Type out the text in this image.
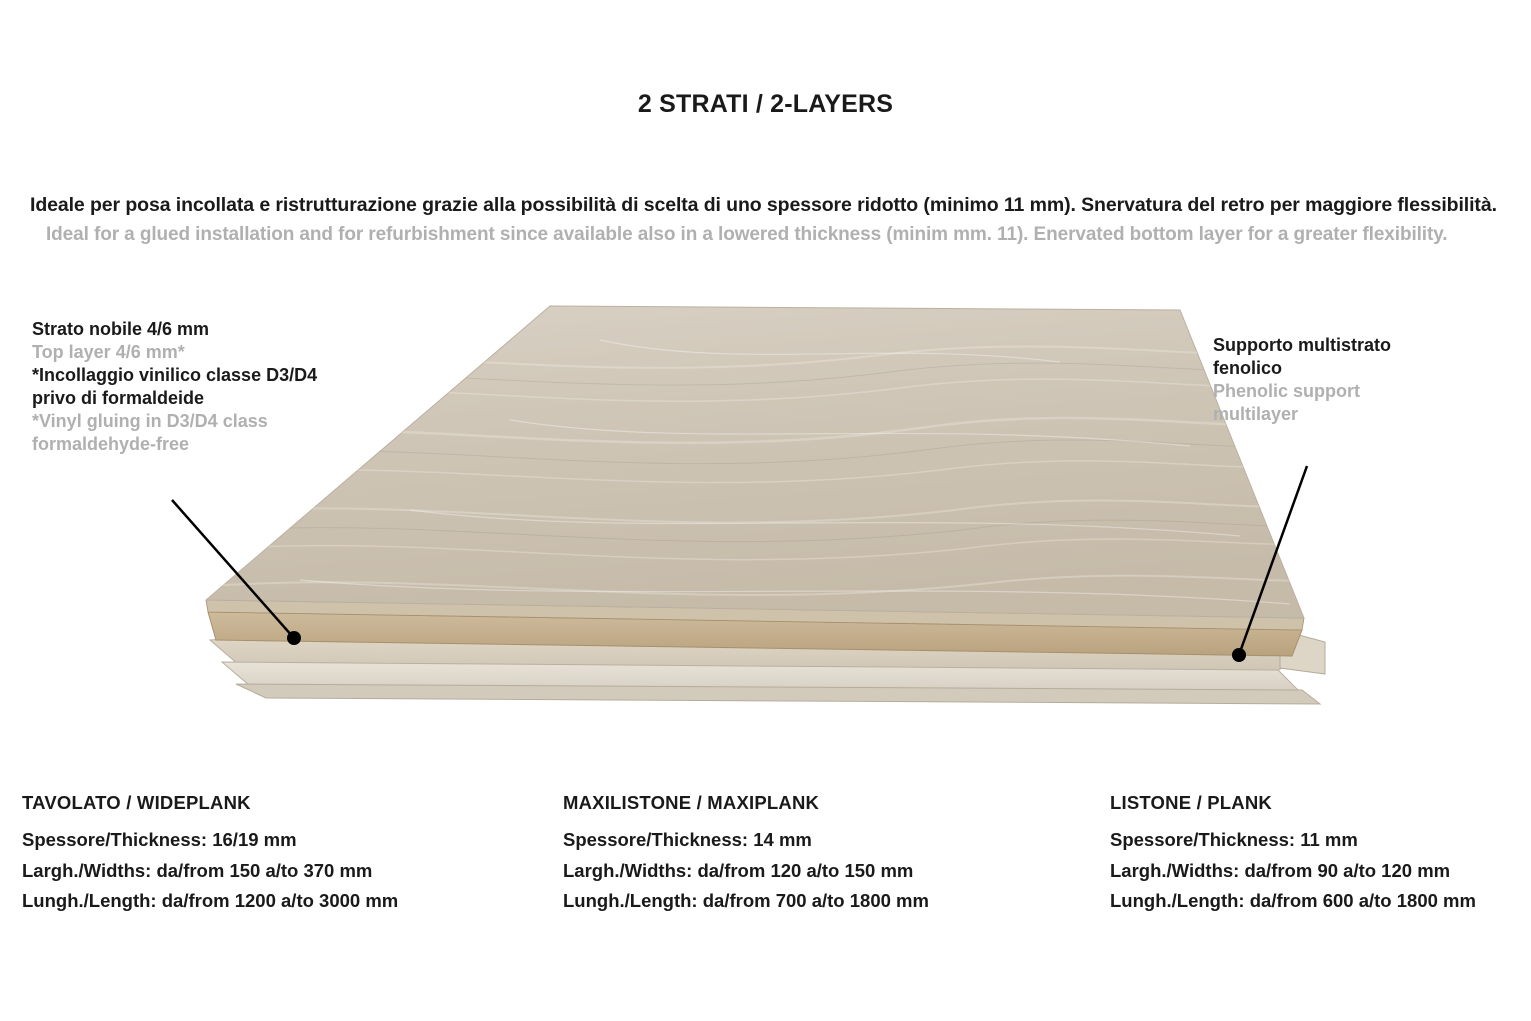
2 STRATI / 2-LAYERS
Ideale per posa incollata e ristrutturazione grazie alla possibilità di scelta di uno spessore ridotto (minimo 11 mm). Snervatura del retro per maggiore flessibilità.
Ideal for a glued installation and for refurbishment since available also in a lowered thickness (minim mm. 11). Enervated bottom layer for a greater flexibility.
Strato nobile 4/6 mm
Top layer 4/6 mm*
*Incollaggio vinilico classe D3/D4
privo di formaldeide
*Vinyl gluing in D3/D4 class
formaldehyde-free
Supporto multistrato
fenolico
Phenolic support
multilayer
TAVOLATO / WIDEPLANK
Spessore/Thickness: 16/19 mm
Largh./Widths: da/from 150 a/to 370 mm
Lungh./Length: da/from 1200 a/to 3000 mm
MAXILISTONE / MAXIPLANK
Spessore/Thickness: 14 mm
Largh./Widths: da/from 120 a/to 150 mm
Lungh./Length: da/from 700 a/to 1800 mm
LISTONE / PLANK
Spessore/Thickness: 11 mm
Largh./Widths: da/from 90 a/to 120 mm
Lungh./Length: da/from 600 a/to 1800 mm
